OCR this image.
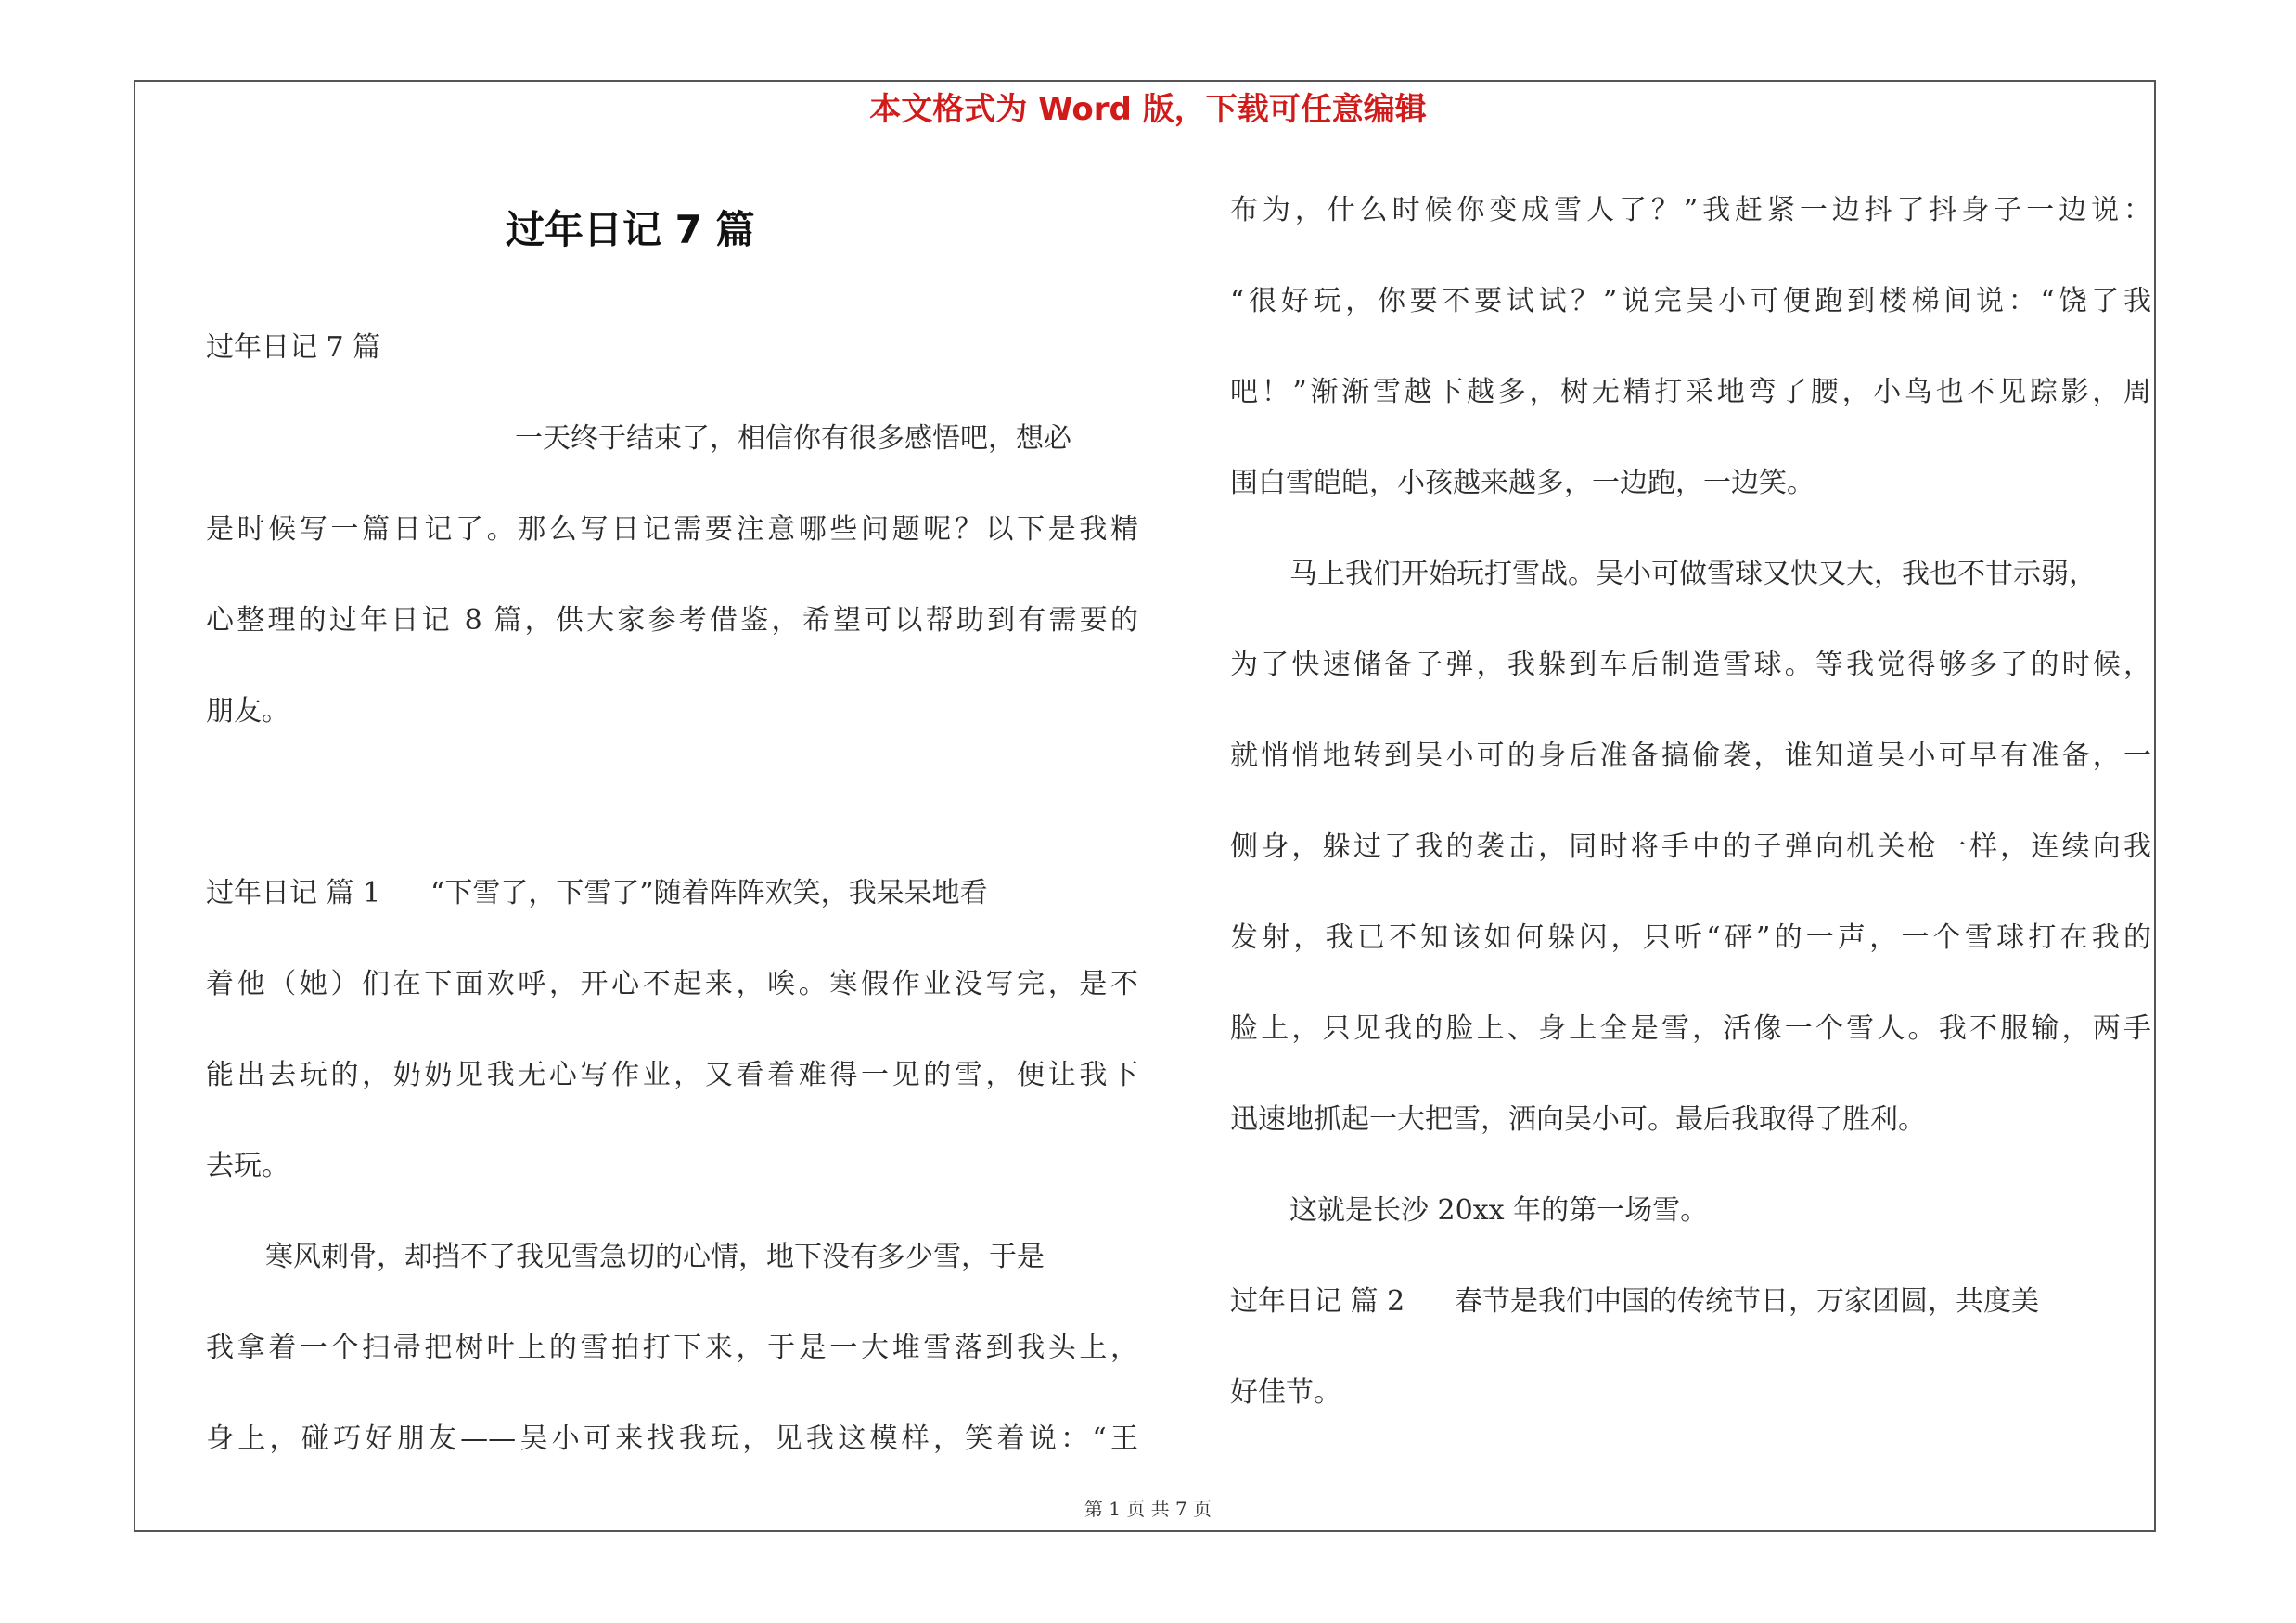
本文格式为 Word 版，下载可任意编辑
过年日记 7 篇
过年日记 7 篇
一天终于结束了，相信你有很多感悟吧，想必
是时候写一篇日记了。那么写日记需要注意哪些问题呢？以下是我精
心整理的过年日记 8 篇，供大家参考借鉴，希望可以帮助到有需要的
朋友。
过年日记 篇 1 “下雪了，下雪了”随着阵阵欢笑，我呆呆地看
着他（她）们在下面欢呼，开心不起来，唉。寒假作业没写完，是不
能出去玩的，奶奶见我无心写作业，又看着难得一见的雪，便让我下
去玩。
寒风刺骨，却挡不了我见雪急切的心情，地下没有多少雪，于是
我拿着一个扫帚把树叶上的雪拍打下来，于是一大堆雪落到我头上，
身上，碰巧好朋友——吴小可来找我玩，见我这模样，笑着说：“王
布为，什么时候你变成雪人了？”我赶紧一边抖了抖身子一边说：
“很好玩，你要不要试试？”说完吴小可便跑到楼梯间说：“饶了我
吧！”渐渐雪越下越多，树无精打采地弯了腰，小鸟也不见踪影，周
围白雪皑皑，小孩越来越多，一边跑，一边笑。
马上我们开始玩打雪战。吴小可做雪球又快又大，我也不甘示弱，
为了快速储备子弹，我躲到车后制造雪球。等我觉得够多了的时候，
就悄悄地转到吴小可的身后准备搞偷袭，谁知道吴小可早有准备，一
侧身，躲过了我的袭击，同时将手中的子弹向机关枪一样，连续向我
发射，我已不知该如何躲闪，只听“砰”的一声，一个雪球打在我的
脸上，只见我的脸上、身上全是雪，活像一个雪人。我不服输，两手
迅速地抓起一大把雪，洒向吴小可。最后我取得了胜利。
这就是长沙 20xx 年的第一场雪。
过年日记 篇 2 春节是我们中国的传统节日，万家团圆，共度美
好佳节。
第 1 页 共 7 页
